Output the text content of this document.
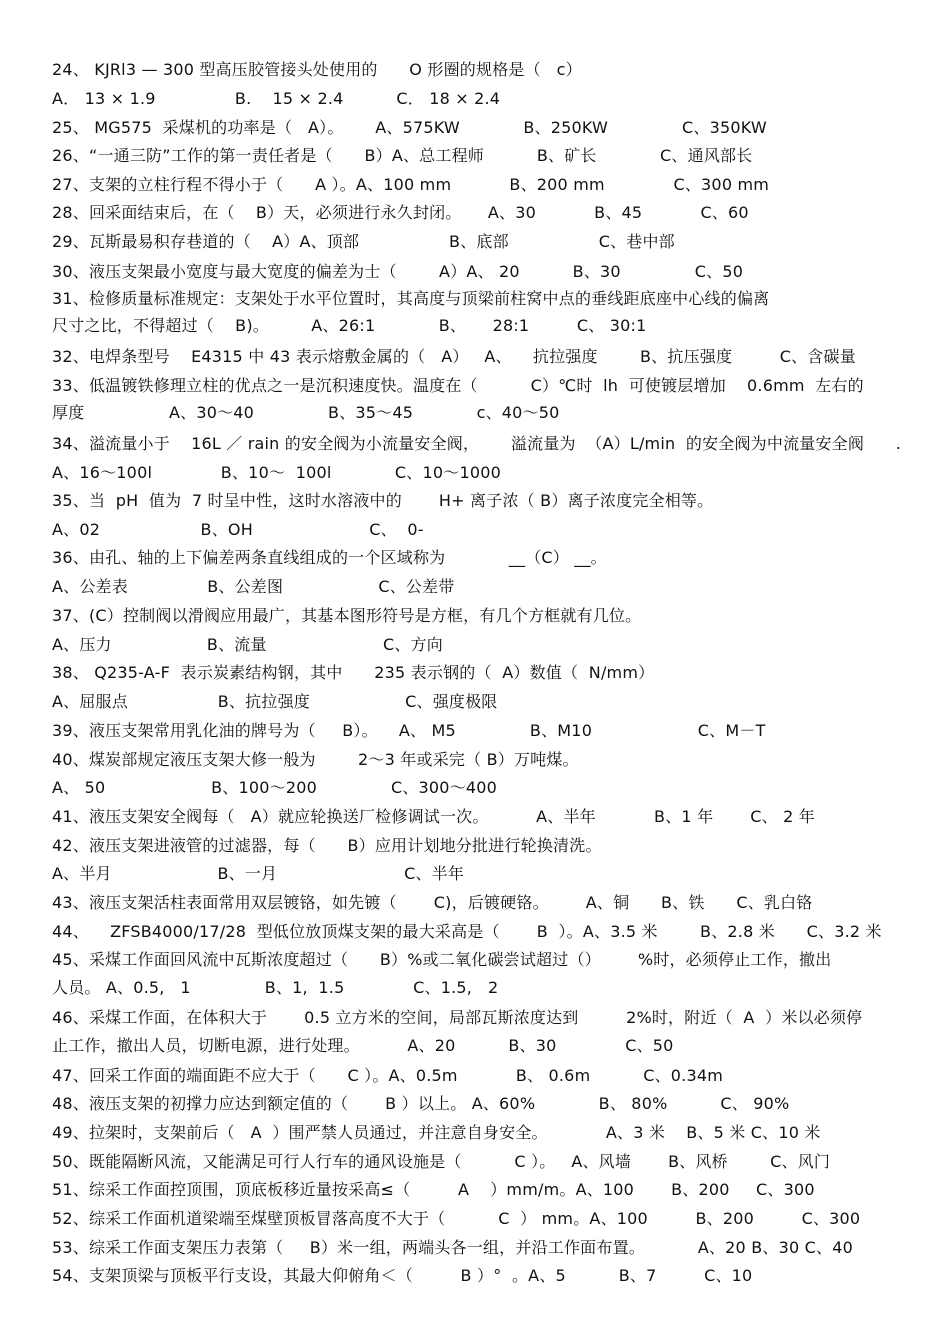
24、 KJRl3 — 300 型高压胶管接头处使用的      O 形圈的规格是（   c）
A． 13 × 1.9               B.    15 × 2.4          C． 18 × 2.4
25、 MG575  采煤机的功率是（   A）。      A、575KW            B、250KW              C、350KW
26、“一通三防”工作的第一责任者是（      B）A、总工程师          B、矿长            C、通风部长
27、支架的立柱行程不得小于（      A ）。A、100 mm           B、200 mm             C、300 mm
28、回采面结束后，在（    B）天，必须进行永久封闭。     A、30           B、45           C、60
29、瓦斯最易积存巷道的（    A）A、顶部                 B、底部                 C、巷中部
30、液压支架最小宽度与最大宽度的偏差为士（        A）A、 20          B、30              C、50
31、检修质量标准规定：支架处于水平位置时，其高度与顶梁前柱窝中点的垂线距底座中心线的偏离
尺寸之比，不得超过（    B)。        A、26:1            B、     28:1         C、 30:1
32、电焊条型号    E4315 中 43 表示熔敷金属的（   A）   A、    抗拉强度        B、抗压强度         C、含碳量
33、低温镀铁修理立柱的优点之一是沉积速度快。温度在（          C）℃时  lh  可使镀层增加    0.6mm  左右的
厚度                A、30～40              B、35～45            c、40～50
34、溢流量小于    16L ／ rain 的安全阀为小流量安全阀，      溢流量为  （A）L/min  的安全阀为中流量安全阀      .
A、16～100l             B、10～  100l            C、10～1000
35、当  pH  值为  7 时呈中性，这时水溶液中的       H+ 离子浓（ B）离子浓度完全相等。
A、02                   B、OH                      C、  0-
36、由孔、轴的上下偏差两条直线组成的一个区域称为            __（C） __。
A、公差表               B、公差图                  C、公差带
37、(C）控制阀以滑阀应用最广，其基本图形符号是方框，有几个方框就有几位。
A、压力                  B、流量                      C、方向
38、 Q235-A-F  表示炭素结构钢，其中      235 表示钢的（  A）数值（  N/mm）
A、屈服点                 B、抗拉强度                  C、强度极限
39、液压支架常用乳化油的牌号为（     B）。    A、 M5              B、M10                    C、M－T
40、煤炭部规定液压支架大修一般为        2～3 年或采完（ B）万吨煤。
A、 50                    B、100～200              C、300～400
41、液压支架安全阀每（   A）就应轮换送厂检修调试一次。         A、半年           B、1 年       C、 2 年
42、液压支架进液管的过滤器，每（      B）应用计划地分批进行轮换清洗。
A、半月                    B、一月                        C、半年
43、液压支架活柱表面常用双层镀铬，如先镀（       C)，后镀硬铬。       A、铜      B、铁      C、乳白铬
44、    ZFSB4000/17/28  型低位放顶煤支架的最大采高是（       B  ）。A、3.5 米        B、2.8 米      C、3.2 米
45、采煤工作面回风流中瓦斯浓度超过（      B）%或二氧化碳尝试超过（）       %时，必须停止工作，撤出
人员。 A、0.5,   1              B、1,  1.5             C、1.5,   2
46、采煤工作面，在体积大于       0.5 立方米的空间，局部瓦斯浓度达到         2%时，附近（  A  ）米以必须停
止工作，撤出人员，切断电源，进行处理。         A、20          B、30             C、50
47、回采工作面的端面距不应大于（      C ）。A、0.5m           B、 0.6m          C、0.34m
48、液压支架的初撑力应达到额定值的（       B ）以上。 A、60%            B、 80%          C、 90%
49、拉架时，支架前后（   A  ）围严禁人员通过，并注意自身安全。           A、3 米    B、5 米 C、10 米
50、既能隔断风流，又能满足可行人行车的通风设施是（          C ）。   A、风墙       B、风桥        C、风门
51、综采工作面控顶围，顶底板移近量按采高≤（         A    ）mm/m。A、100       B、200     C、300
52、综采工作面机道梁端至煤壁顶板冒落高度不大于（          C  ） mm。A、100         B、200         C、300
53、综采工作面支架压力表第（     B）米一组，两端头各一组，并沿工作面布置。          A、20 B、30 C、40
54、支架顶梁与顶板平行支设，其最大仰俯角＜（         B ）°  。A、5          B、7         C、10
